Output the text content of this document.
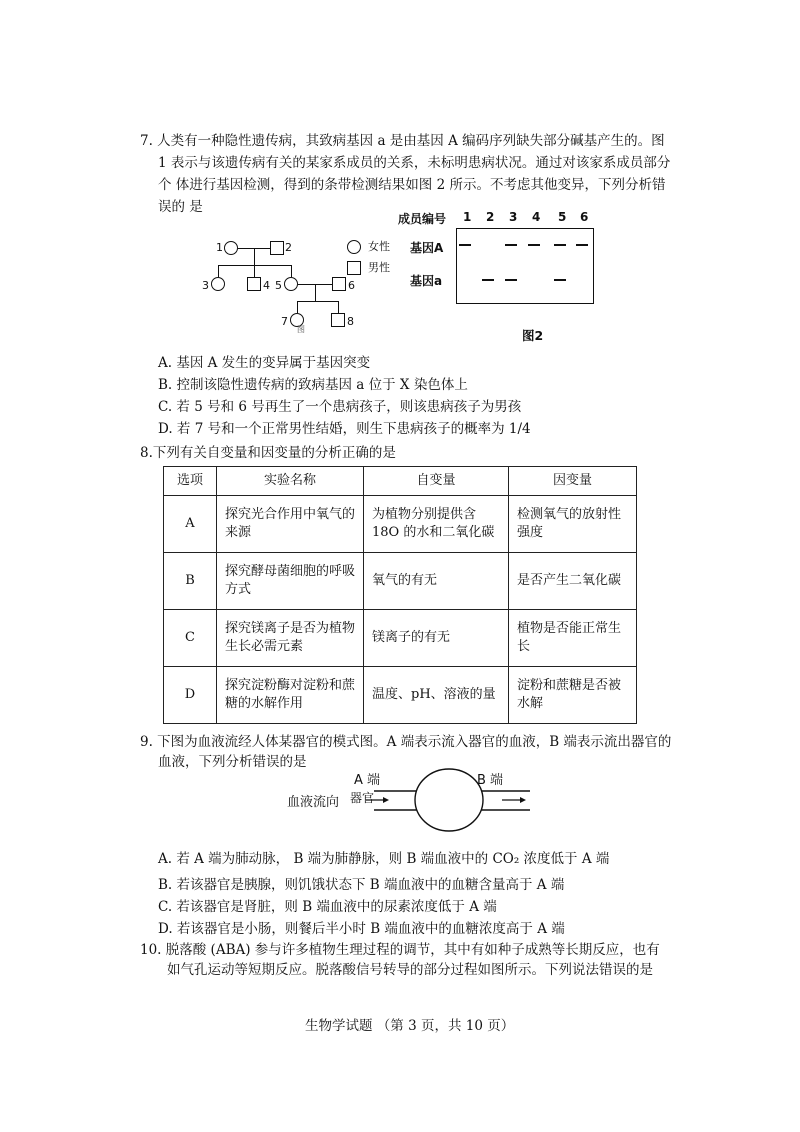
7. 人类有一种隐性遗传病，其致病基因 a 是由基因 A 编码序列缺失部分碱基产生的。图
1 表示与该遗传病有关的某家系成员的关系，未标明患病状况。通过对该家系成员部分
个 体进行基因检测，得到的条带检测结果如图 2 所示。不考虑其他变异，下列分析错
误的 是
1	2
3	4 5	6
7
图
8
女性
男性
成员编号 1 2 3 4 5 6
基因A
基因a
图2
A. 基因 A 发生的变异属于基因突变
B. 控制该隐性遗传病的致病基因 a 位于 X 染色体上
C. 若 5 号和 6 号再生了一个患病孩子，则该患病孩子为男孩
D. 若 7 号和一个正常男性结婚，则生下患病孩子的概率为 1/4
8.下列有关自变量和因变量的分析正确的是
选项	实验名称	自变量	因变量
A	探究光合作用中氧气的来源	为植物分别提供含18O 的水和二氧化碳	检测氧气的放射性强度
B	探究酵母菌细胞的呼吸方式	氧气的有无	是否产生二氧化碳
C	探究镁离子是否为植物生长必需元素	镁离子的有无	植物是否能正常生长
D	探究淀粉酶对淀粉和蔗糖的水解作用	温度、pH、溶液的量	淀粉和蔗糖是否被水解
9. 下图为血液流经人体某器官的模式图。A 端表示流入器官的血液，B 端表示流出器官的
血液，下列分析错误的是
A 端	B 端
血液流向 器官
A. 若 A 端为肺动脉， B 端为肺静脉，则 B 端血液中的 CO₂ 浓度低于 A 端
B. 若该器官是胰腺，则饥饿状态下 B 端血液中的血糖含量高于 A 端
C. 若该器官是肾脏，则 B 端血液中的尿素浓度低于 A 端
D. 若该器官是小肠，则餐后半小时 B 端血液中的血糖浓度高于 A 端
10. 脱落酸 (ABA) 参与许多植物生理过程的调节，其中有如种子成熟等长期反应，也有
如气孔运动等短期反应。脱落酸信号转导的部分过程如图所示。下列说法错误的是
生物学试题 （第 3 页，共 10 页）
